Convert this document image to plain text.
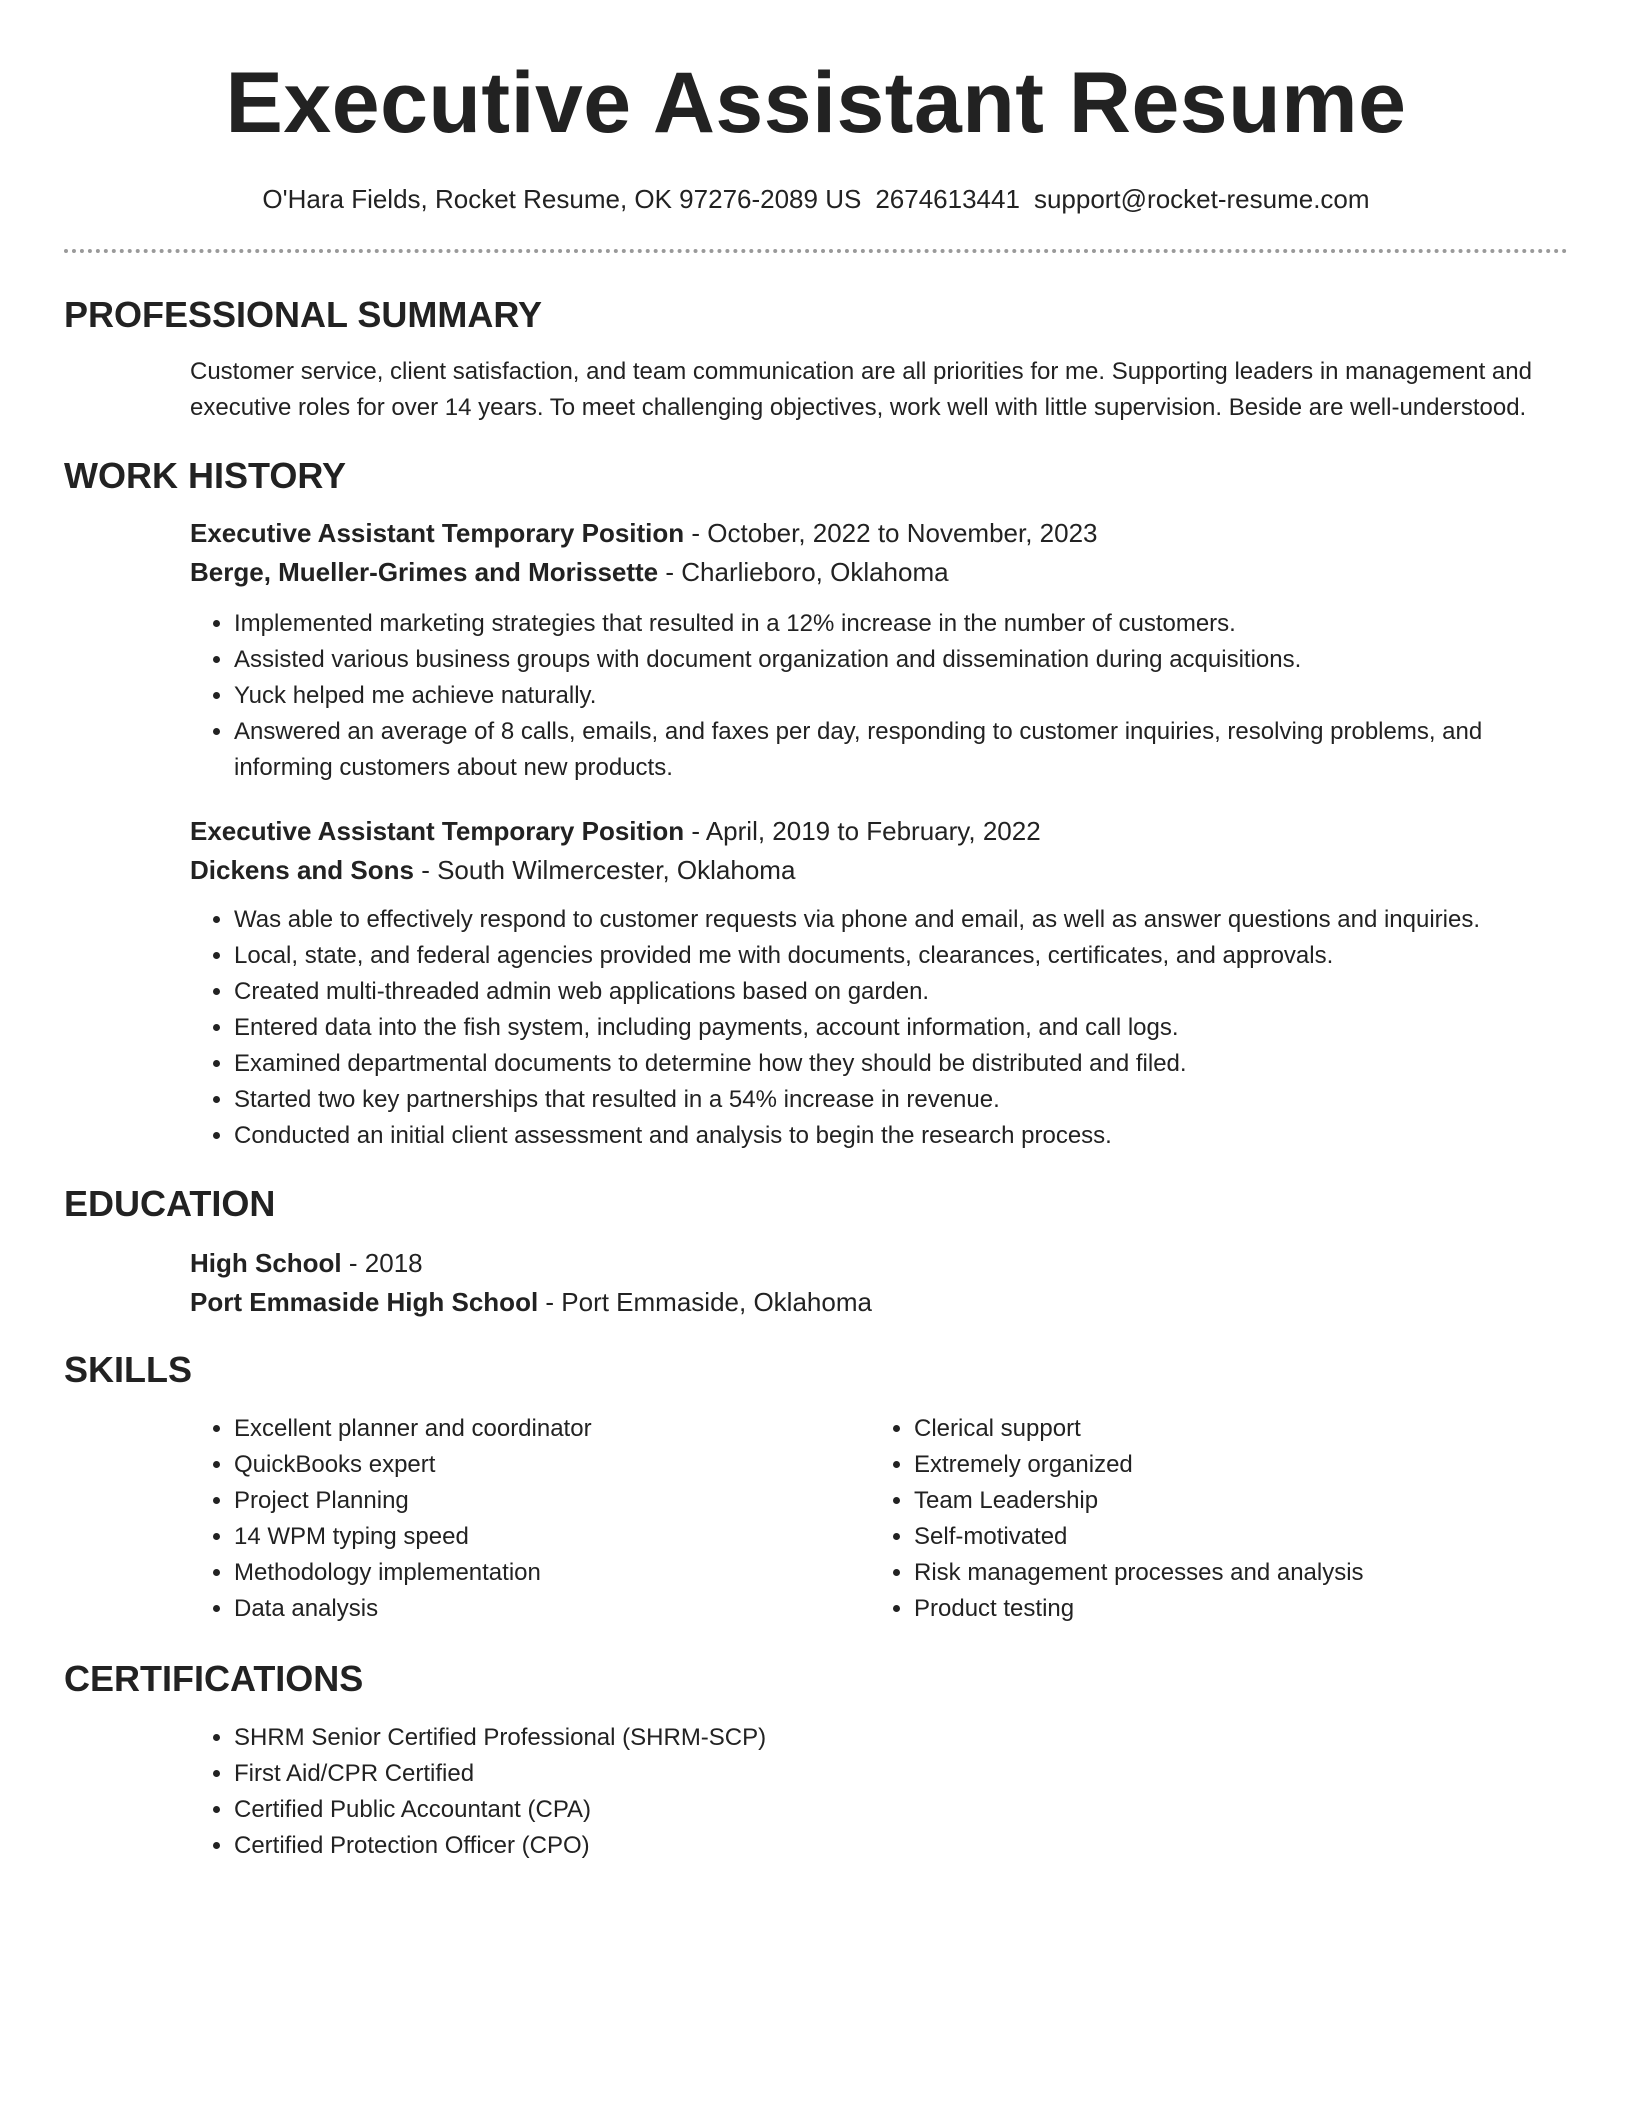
Executive Assistant Resume
O'Hara Fields, Rocket Resume, OK 97276-2089 US 2674613441 support@rocket-resume.com
PROFESSIONAL SUMMARY

Customer service, client satisfaction, and team communication are all priorities for me. Supporting leaders in management and executive roles for over 14 years. To meet challenging objectives, work well with little supervision. Beside are well-understood.

WORK HISTORY

Executive Assistant Temporary Position - October, 2022 to November, 2023

Berge, Mueller-Grimes and Morissette - Charlieboro, Oklahoma

• Implemented marketing strategies that resulted in a 12% increase in the number of customers.
• Assisted various business groups with document organization and dissemination during acquisitions.
• Yuck helped me achieve naturally.
• Answered an average of 8 calls, emails, and faxes per day, responding to customer inquiries, resolving problems, and informing customers about new products.

Executive Assistant Temporary Position - April, 2019 to February, 2022

Dickens and Sons - South Wilmercester, Oklahoma

• Was able to effectively respond to customer requests via phone and email, as well as answer questions and inquiries.
• Local, state, and federal agencies provided me with documents, clearances, certificates, and approvals.
• Created multi-threaded admin web applications based on garden.
• Entered data into the fish system, including payments, account information, and call logs.
• Examined departmental documents to determine how they should be distributed and filed.
• Started two key partnerships that resulted in a 54% increase in revenue.
• Conducted an initial client assessment and analysis to begin the research process.
EDUCATION

High School - 2018

Port Emmaside High School - Port Emmaside, Oklahoma

SKILLS
• Excellent planner and coordinator
• QuickBooks expert
• Project Planning
• 14 WPM typing speed
• Methodology implementation
• Data analysis
• Clerical support
• Extremely organized
• Team Leadership
• Self-motivated
• Risk management processes and analysis
• Product testing
CERTIFICATIONS
• SHRM Senior Certified Professional (SHRM-SCP)
• First Aid/CPR Certified
• Certified Public Accountant (CPA)
• Certified Protection Officer (CPO)
